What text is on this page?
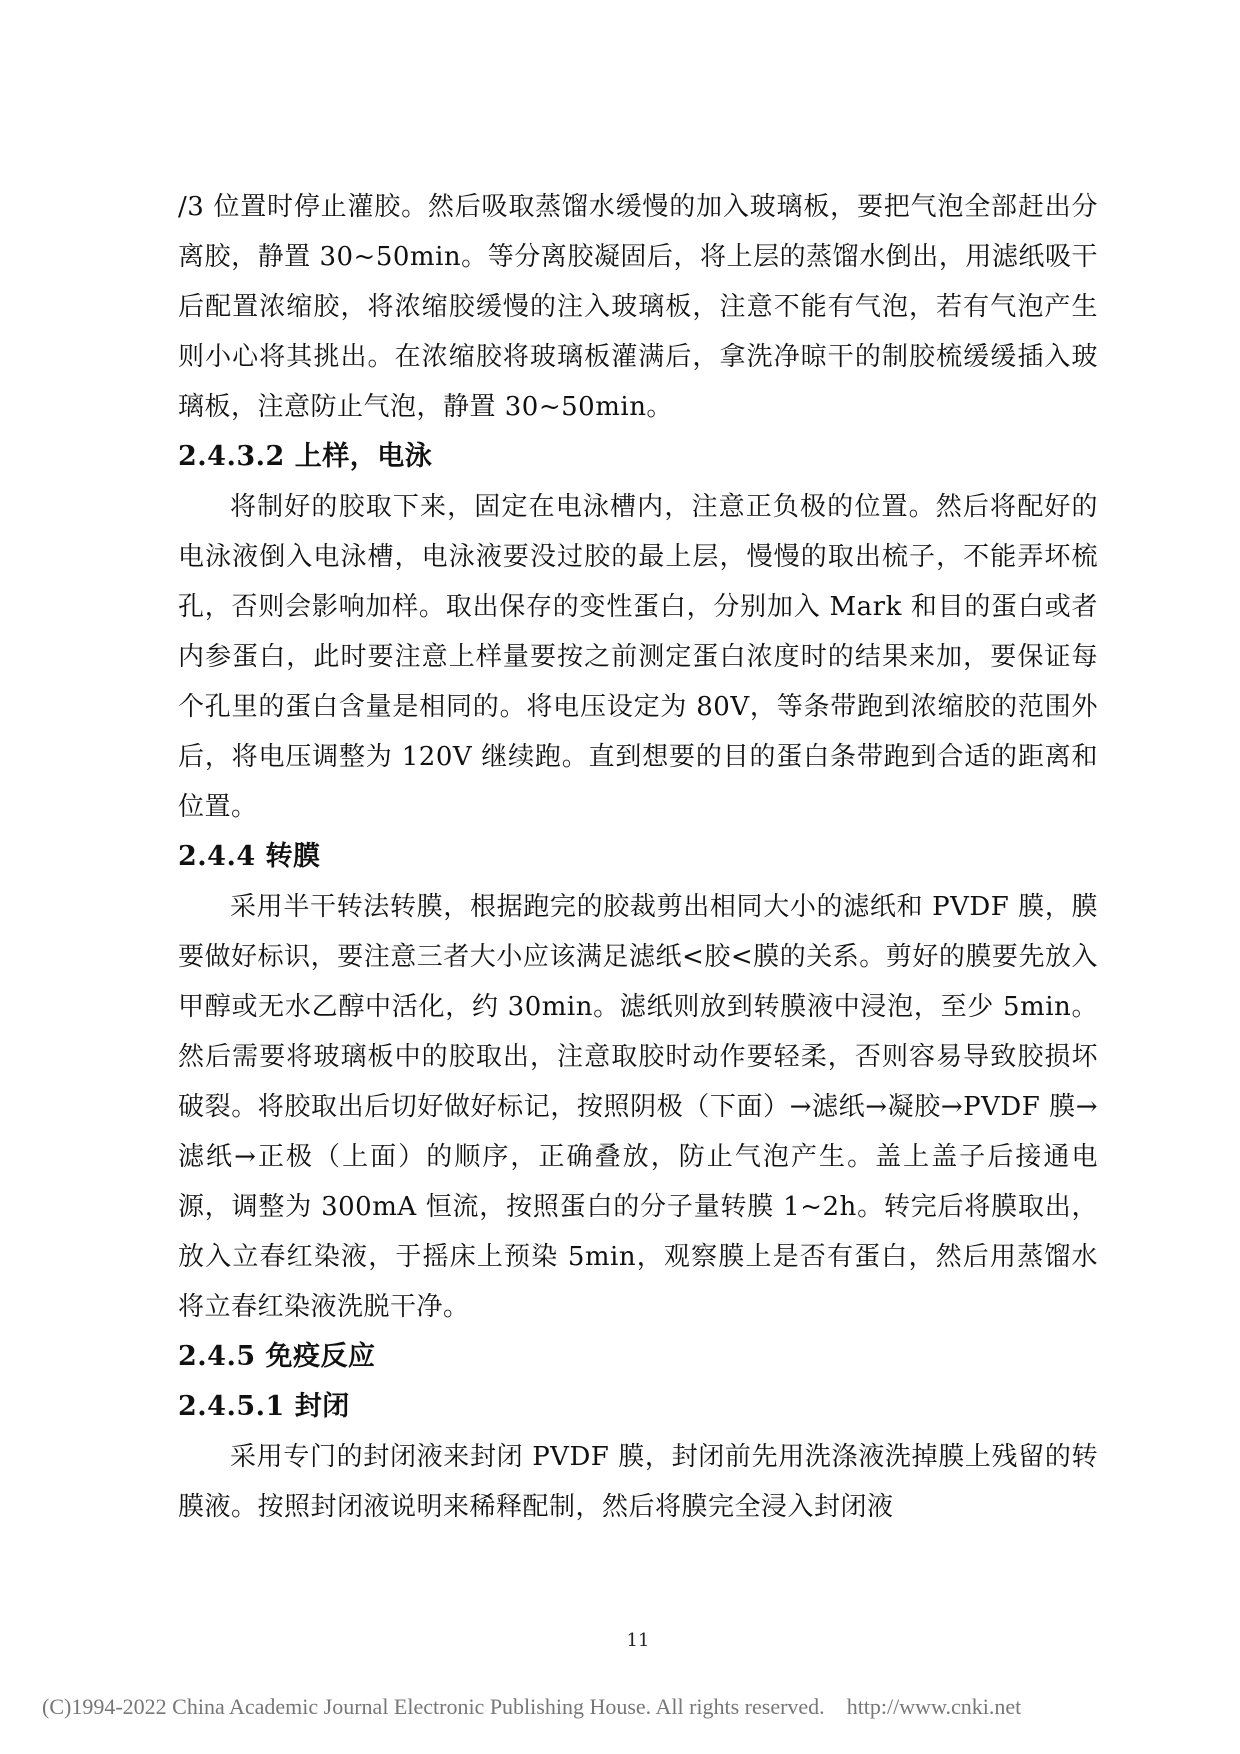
/3 位置时停止灌胶。然后吸取蒸馏水缓慢的加入玻璃板，要把气泡全部赶出分离胶，静置 30~50min。等分离胶凝固后，将上层的蒸馏水倒出，用滤纸吸干后配置浓缩胶，将浓缩胶缓慢的注入玻璃板，注意不能有气泡，若有气泡产生则小心将其挑出。在浓缩胶将玻璃板灌满后，拿洗净晾干的制胶梳缓缓插入玻璃板，注意防止气泡，静置 30~50min。

2.4.3.2 上样，电泳

将制好的胶取下来，固定在电泳槽内，注意正负极的位置。然后将配好的电泳液倒入电泳槽，电泳液要没过胶的最上层，慢慢的取出梳子，不能弄坏梳孔，否则会影响加样。取出保存的变性蛋白，分别加入 Mark 和目的蛋白或者内参蛋白，此时要注意上样量要按之前测定蛋白浓度时的结果来加，要保证每个孔里的蛋白含量是相同的。将电压设定为 80V，等条带跑到浓缩胶的范围外后，将电压调整为 120V 继续跑。直到想要的目的蛋白条带跑到合适的距离和位置。

2.4.4 转膜

采用半干转法转膜，根据跑完的胶裁剪出相同大小的滤纸和 PVDF 膜，膜要做好标识，要注意三者大小应该满足滤纸<胶<膜的关系。剪好的膜要先放入甲醇或无水乙醇中活化，约 30min。滤纸则放到转膜液中浸泡，至少 5min。然后需要将玻璃板中的胶取出，注意取胶时动作要轻柔，否则容易导致胶损坏破裂。将胶取出后切好做好标记，按照阴极（下面）→滤纸→凝胶→PVDF 膜→滤纸→正极（上面）的顺序，正确叠放，防止气泡产生。盖上盖子后接通电源，调整为 300mA 恒流，按照蛋白的分子量转膜 1~2h。转完后将膜取出，放入立春红染液，于摇床上预染 5min，观察膜上是否有蛋白，然后用蒸馏水将立春红染液洗脱干净。

2.4.5 免疫反应
2.4.5.1 封闭

采用专门的封闭液来封闭 PVDF 膜，封闭前先用洗涤液洗掉膜上残留的转膜液。按照封闭液说明来稀释配制，然后将膜完全浸入封闭液

11
(C)1994-2022 China Academic Journal Electronic Publishing House. All rights reserved. http://www.cnki.net
